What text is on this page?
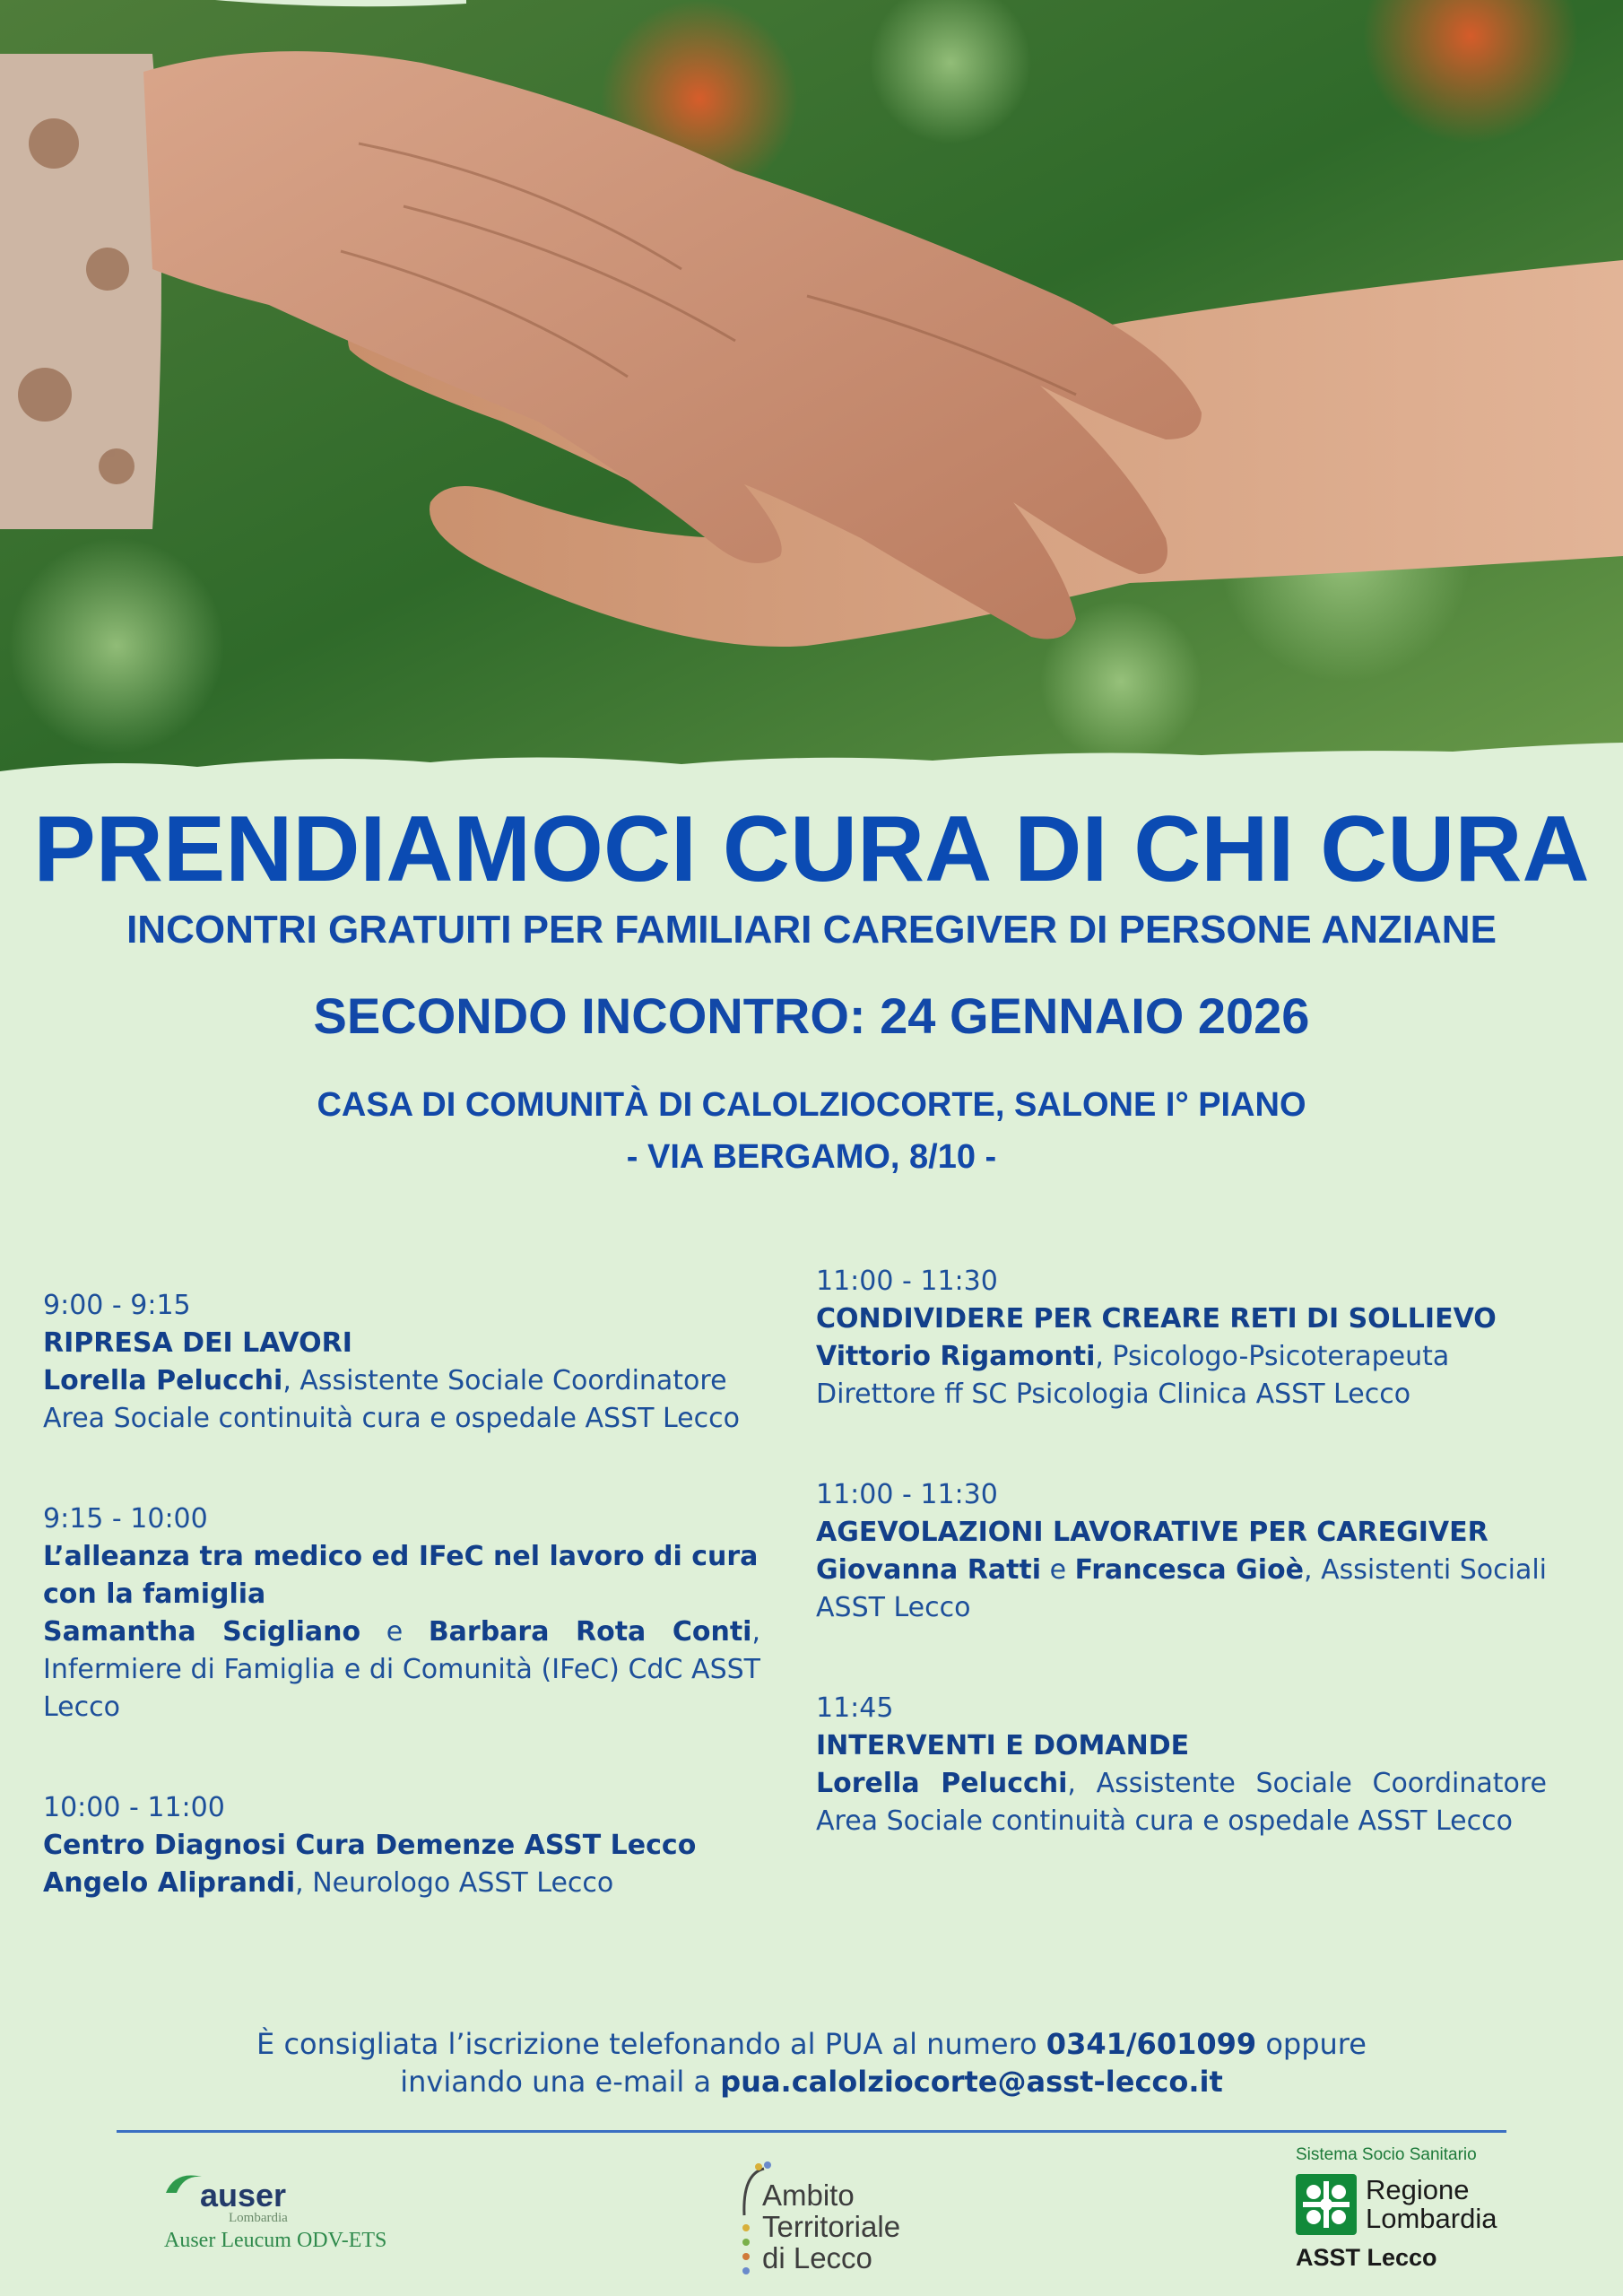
PRENDIAMOCI CURA DI CHI CURA
INCONTRI GRATUITI PER FAMILIARI CAREGIVER DI PERSONE ANZIANE
SECONDO INCONTRO: 24 GENNAIO 2026
CASA DI COMUNITÀ DI CALOLZIOCORTE, SALONE I° PIANO
- VIA BERGAMO, 8/10 -
9:00 - 9:15
RIPRESA DEI LAVORI
Lorella Pelucchi, Assistente Sociale Coordinatore Area Sociale continuità cura e ospedale ASST Lecco
9:15 - 10:00
L’alleanza tra medico ed IFeC nel lavoro di cura con la famiglia
Samantha Scigliano e Barbara Rota Conti, Infermiere di Famiglia e di Comunità (IFeC) CdC ASST Lecco
10:00 - 11:00
Centro Diagnosi Cura Demenze ASST Lecco
Angelo Aliprandi, Neurologo ASST Lecco
11:00 - 11:30
CONDIVIDERE PER CREARE RETI DI SOLLIEVO
Vittorio Rigamonti, Psicologo-Psicoterapeuta Direttore ff SC Psicologia Clinica ASST Lecco
11:00 - 11:30
AGEVOLAZIONI LAVORATIVE PER CAREGIVER
Giovanna Ratti e Francesca Gioè, Assistenti Sociali ASST Lecco
11:45
INTERVENTI E DOMANDE
Lorella Pelucchi, Assistente Sociale Coordinatore Area Sociale continuità cura e ospedale ASST Lecco
È consigliata l’iscrizione telefonando al PUA al numero 0341/601099 oppure
inviando una e-mail a pua.calolziocorte@asst-lecco.it
auser
Lombardia
Auser Leucum ODV-ETS
Ambito
Territoriale
di Lecco
Sistema Socio Sanitario
Regione
Lombardia
ASST Lecco
